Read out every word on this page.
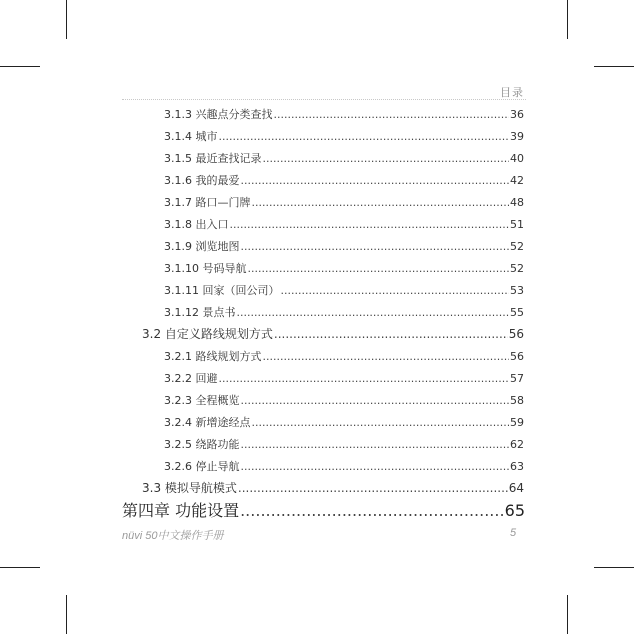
目录
3.1.3 兴趣点分类查找 .....	36
3.1.4 城市 .....	39
3.1.5 最近查找记录 .....	40
3.1.6 我的最爱 .....	42
3.1.7 路口—门牌 .....	48
3.1.8 出入口 .....	51
3.1.9 浏览地图 .....	52
3.1.10 号码导航 .....	52
3.1.11 回家（回公司） .....	53
3.1.12 景点书 .....	55
3.2 自定义路线规划方式 .....	56
3.2.1 路线规划方式 .....	56
3.2.2 回避 .....	57
3.2.3 全程概览 .....	58
3.2.4 新增途经点 .....	59
3.2.5 绕路功能 .....	62
3.2.6 停止导航 .....	63
3.3 模拟导航模式 .....	64
第四章 功能设置 .....	65
nüvi 50中文操作手册	5
